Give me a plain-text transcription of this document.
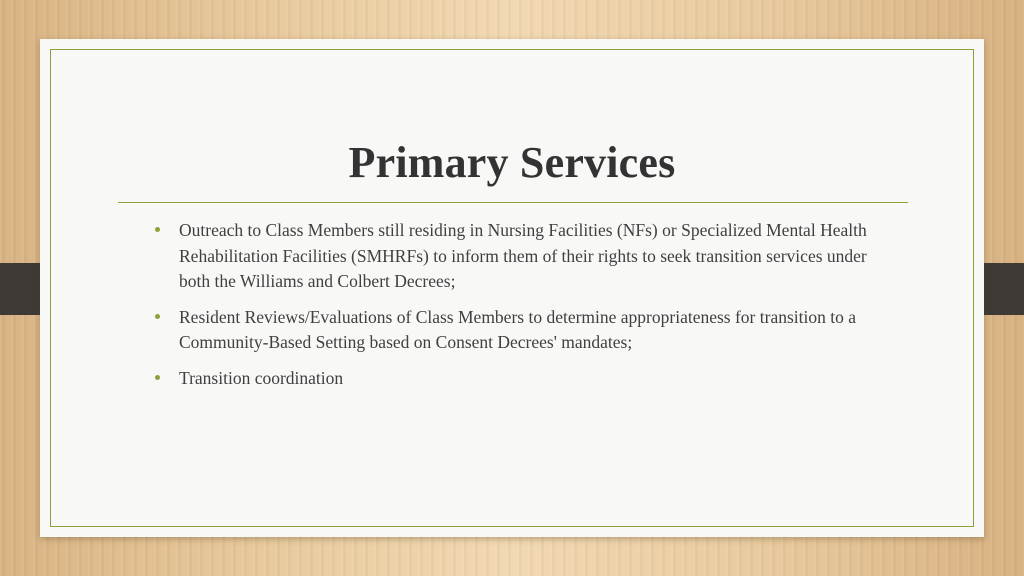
Primary Services
Outreach to Class Members still residing in Nursing Facilities (NFs) or Specialized Mental Health Rehabilitation Facilities (SMHRFs) to inform them of their rights to seek transition services under both the Williams and Colbert Decrees;
Resident Reviews/Evaluations of Class Members to determine appropriateness for transition to a Community-Based Setting based on Consent Decrees' mandates;
Transition coordination
